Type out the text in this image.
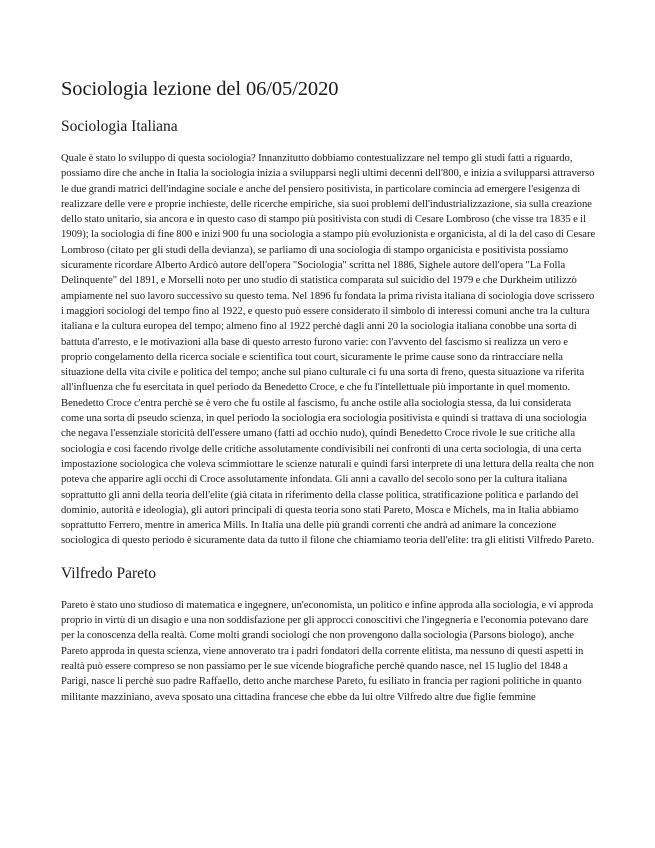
Sociologia lezione del 06/05/2020
Sociologia Italiana

Quale è stato lo sviluppo di questa sociologia? Innanzitutto dobbiamo contestualizzare nel tempo gli studi fatti a riguardo, possiamo dire che anche in Italia la sociologia inizia a svilupparsi negli ultimi decenni dell'800, e inizia a svilupparsi attraverso le due grandi matrici dell'indagine sociale e anche del pensiero positivista, in particolare comincia ad emergere l'esigenza di realizzare delle vere e proprie inchieste, delle ricerche empiriche, sia suoi problemi dell'industrializzazione, sia sulla creazione dello stato unitario, sia ancora e in questo caso di stampo più positivista con studi di Cesare Lombroso (che visse tra 1835 e il 1909); la sociologia di fine 800 e inizi 900 fu una sociologia a stampo più evoluzionista e organicista, al di la del caso di Cesare Lombroso (citato per gli studi della devianza), se parliamo di una sociologia di stampo organicista e positivista possiamo sicuramente ricordare Alberto Ardicò autore dell'opera "Sociologia" scritta nel 1886, Sighele autore dell'opera "La Folla Delinquente" del 1891, e Morselli noto per uno studio di statistica comparata sul suicidio del 1979 e che Durkheim utilizzò ampiamente nel suo lavoro successivo su questo tema. Nel 1896 fu fondata la prima rivista italiana di sociologia dove scrissero i maggiori sociologi del tempo fino al 1922, e questo può essere considerato il simbolo di interessi comuni anche tra la cultura italiana e la cultura europea del tempo; almeno fino al 1922 perchè dagli anni 20 la sociologia italiana conobbe una sorta di battuta d'arresto, e le motivazioni alla base di questo arresto furono varie: con l'avvento del fascismo si realizza un vero e proprio congelamento della ricerca sociale e scientifica tout court, sicuramente le prime cause sono da rintracciare nella situazione della vita civile e politica del tempo; anche sul piano culturale ci fu una sorta di freno, questa situazione va riferita all'influenza che fu esercitata in quel periodo da Benedetto Croce, e che fu l'intellettuale più importante in quel momento. Benedetto Croce c'entra perchè se è vero che fu ostile al fascismo, fu anche ostile alla sociologia stessa, da lui considerata come una sorta di pseudo scienza, in quel periodo la sociologia era sociologia positivista e quindi si trattava di una sociologia che negava l'essenziale storicità dell'essere umano (fatti ad occhio nudo), quindi Benedetto Croce rivole le sue critiche alla sociologia e così facendo rivolge delle critiche assolutamente condivisibili nei confronti di una certa sociologia, di una certa impostazione sociologica che voleva scimmiottare le scienze naturali e quindi farsi interprete di una lettura della realta che non poteva che apparire agli occhi di Croce assolutamente infondata. Gli anni a cavallo del secolo sono per la cultura italiana soprattutto gli anni della teoria dell'elite (già citata in riferimento della classe politica, stratificazione politica e parlando del dominio, autorità e ideologia), gli autori principali di questa teoria sono stati Pareto, Mosca e Michels, ma in Italia abbiamo soprattutto Ferrero, mentre in america Mills. In Italia una delle più grandi correnti che andrà ad animare la concezione sociologica di questo periodo è sicuramente data da tutto il filone che chiamiamo teoria dell'elite: tra gli elitisti Vilfredo Pareto.

Vilfredo Pareto

Pareto è stato uno studioso di matematica e ingegnere, un'economista, un politico e infine approda alla sociologia, e vi approda proprio in virtù di un disagio e una non soddisfazione per gli approcci conoscitivi che l'ingegneria e l'economia potevano dare per la conoscenza della realtà. Come molti grandi sociologi che non provengono dalla sociologia (Parsons biologo), anche Pareto approda in questa scienza, viene annoverato tra i padri fondatori della corrente elitista, ma nessuno di questi aspetti in realtà può essere compreso se non passiamo per le sue vicende biografiche perchè quando nasce, nel 15 luglio del 1848 a Parigi, nasce li perchè suo padre Raffaello, detto anche marchese Pareto, fu esiliato in francia per ragioni politiche in quanto militante mazziniano, aveva sposato una cittadina francese che ebbe da lui oltre Vilfredo altre due figlie femmine
